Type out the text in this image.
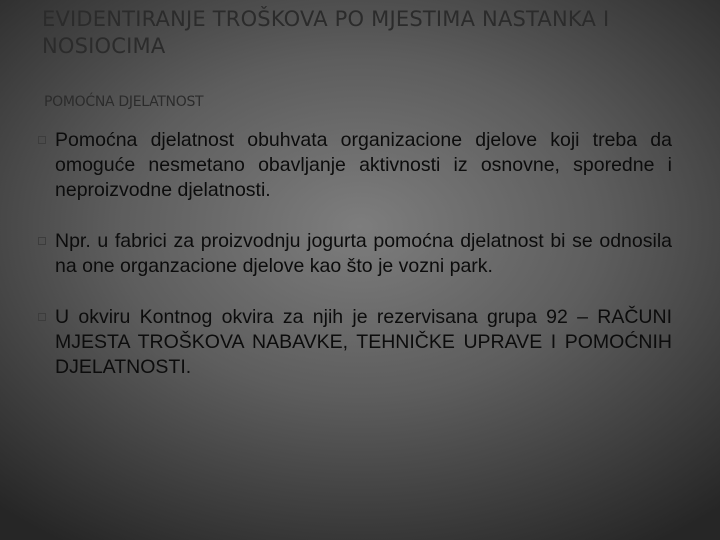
EVIDENTIRANJE TROŠKOVA PO MJESTIMA NASTANKA I NOSIOCIMA
POMOĆNA DJELATNOST
Pomoćna djelatnost obuhvata organizacione djelove koji treba da omoguće nesmetano obavljanje aktivnosti iz osnovne, sporedne i neproizvodne djelatnosti.
Npr. u fabrici za proizvodnju jogurta pomoćna djelatnost bi se odnosila na one organzacione djelove kao što je vozni park.
U okviru Kontnog okvira za njih je rezervisana grupa 92 – RAČUNI MJESTA TROŠKOVA NABAVKE, TEHNIČKE UPRAVE I POMOĆNIH DJELATNOSTI.
